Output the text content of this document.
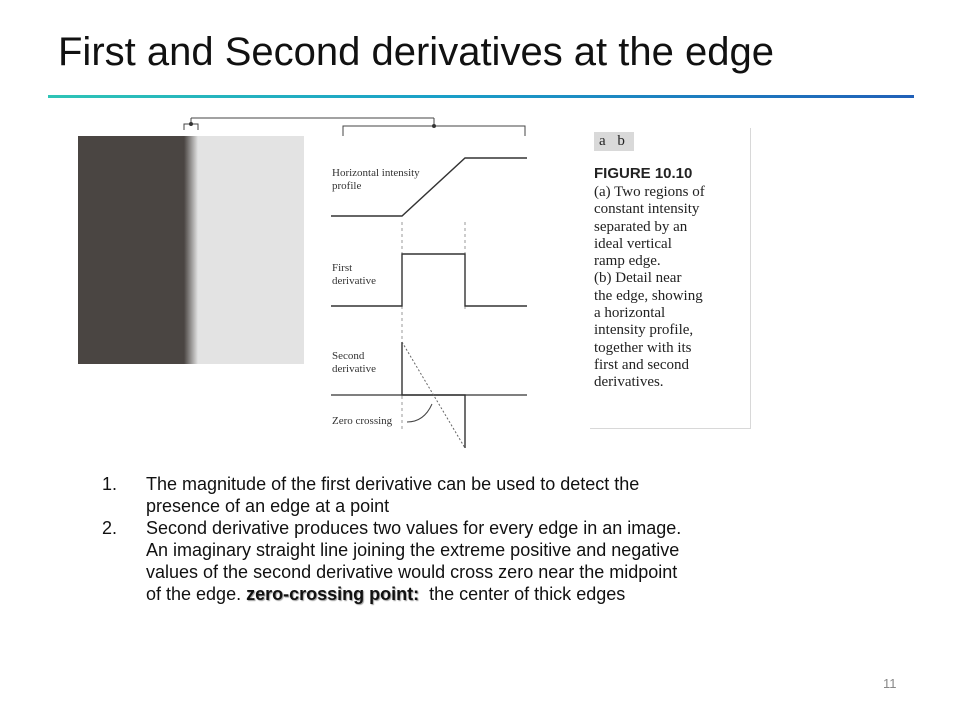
First and Second derivatives at the edge
Horizontal intensity
profile
First
derivative
Second
derivative
Zero crossing
a b
FIGURE 10.10
(a) Two regions of
constant intensity
separated by an
ideal vertical
ramp edge.
(b) Detail near
the edge, showing
a horizontal
intensity profile,
together with its
first and second
derivatives.
1. The magnitude of the first derivative can be used to detect the
presence of an edge at a point
2. Second derivative produces two values for every edge in an image.
An imaginary straight line joining the extreme positive and negative
values of the second derivative would cross zero near the midpoint
of the edge. zero-crossing point:  the center of thick edges
11
